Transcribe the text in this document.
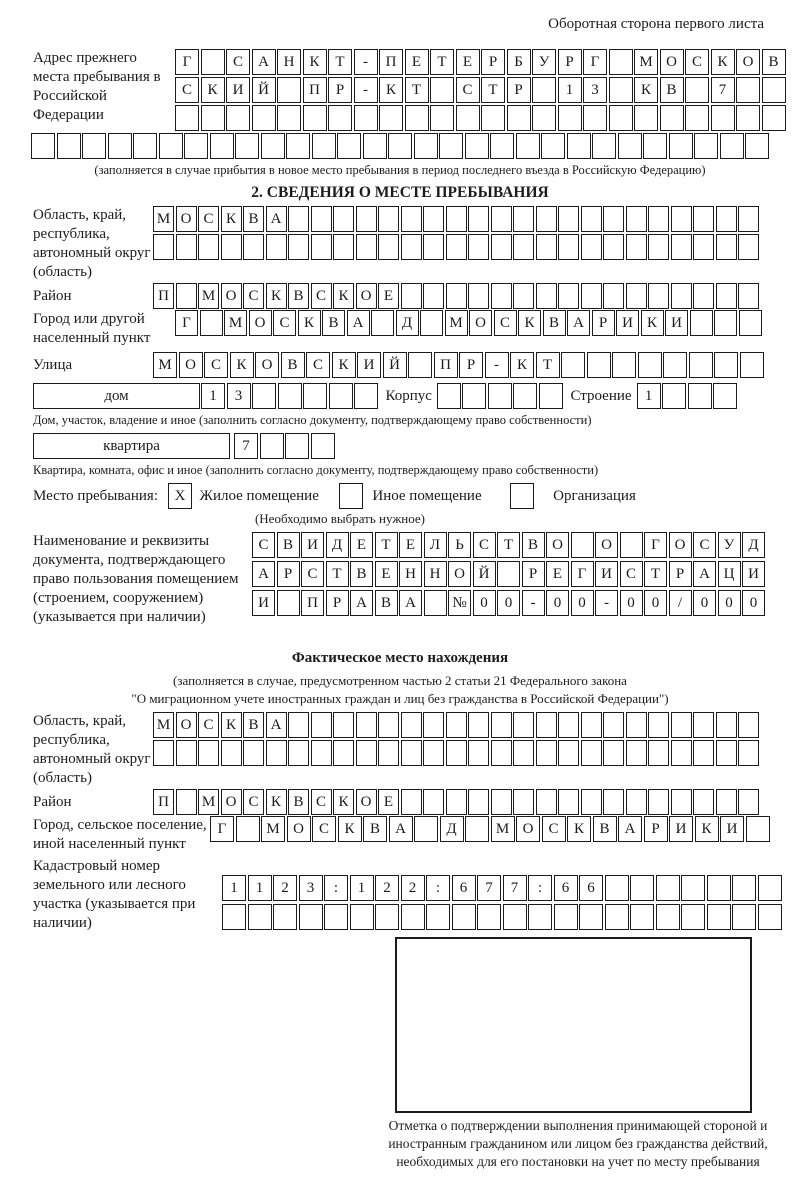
Оборотная сторона первого листа
Адрес прежнего места пребывания в Российской Федерации
Г	С	А Н	К	Т	-	П	Е	Т	Е	Р	Б	У	Р	Г	М О	С	К	О	В
С	К	И Й	П	Р	-	К	Т	С	Т	Р	1	3	К	В	7
(заполняется в случае прибытия в новое место пребывания в период последнего въезда в Российскую Федерацию)
2. СВЕДЕНИЯ О МЕСТЕ ПРЕБЫВАНИЯ
Область, край, республика, автономный округ (область)
М О С К В А
Район	П	М О С К В С К О Е
Город или другой населенный пункт
Г	М О С К В А	Д	М О С К В А Р И К И
Улица	М О	С	К	О	В	С	К	И Й	П	Р	-	К	Т
дом	1	3	Корпус	Строение 1
Дом, участок, владение и иное (заполнить согласно документу, подтверждающему право собственности)
квартира	7
Квартира, комната, офис и иное (заполнить согласно документу, подтверждающему право собственности)
Место пребывания:	X Жилое помещение	Иное помещение	Организация
(Необходимо выбрать нужное)
Наименование и реквизиты документа, подтверждающего право пользования помещением (строением, сооружением) (указывается при наличии)
С В И Д Е	Т	Е Л	Ь	С Т В О	О	Г О С У Д
А Р	С Т В Е Н Н О Й	Р	Е	Г И С Т	Р А Ц И
И	П Р А В А	№ 0	0	-	0	0	-	0	0	/	0	0	0
Фактическое место нахождения
(заполняется в случае, предусмотренном частью 2 статьи 21 Федерального закона
"О миграционном учете иностранных граждан и лиц без гражданства в Российской Федерации")
Область, край, республика, автономный округ (область)
М О С К В А
Район	П	М О С К В С К О Е
Город, сельское поселение, иной населенный пункт
Г	М О	С	К	В	А	Д	М О	С	К	В	А	Р	И	К	И
Кадастровый номер земельного или лесного участка (указывается при наличии)
1	1	2	3	:	1	2	2	:	6	7	7	:	6	6
Отметка о подтверждении выполнения принимающей стороной и иностранным гражданином или лицом без гражданства действий, необходимых для его постановки на учет по месту пребывания
